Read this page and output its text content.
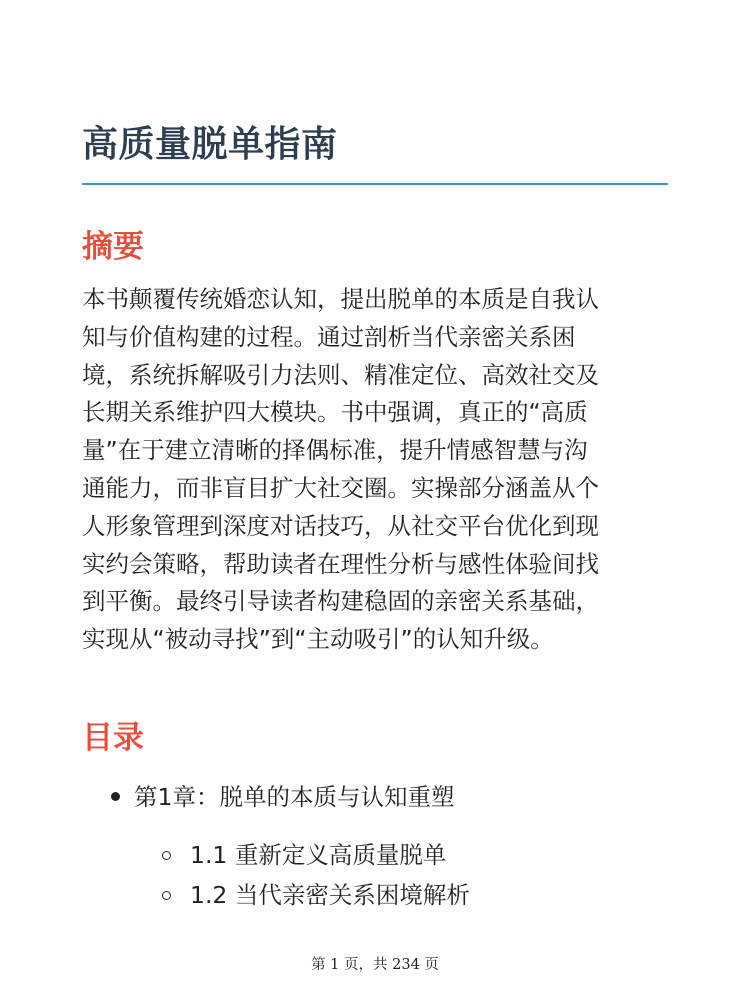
高质量脱单指南
摘要
本书颠覆传统婚恋认知，提出脱单的本质是自我认
知与价值构建的过程。通过剖析当代亲密关系困
境，系统拆解吸引力法则、精准定位、高效社交及
长期关系维护四大模块。书中强调，真正的“高质
量”在于建立清晰的择偶标准，提升情感智慧与沟
通能力，而非盲目扩大社交圈。实操部分涵盖从个
人形象管理到深度对话技巧，从社交平台优化到现
实约会策略，帮助读者在理性分析与感性体验间找
到平衡。最终引导读者构建稳固的亲密关系基础，
实现从“被动寻找”到“主动吸引”的认知升级。
目录
第1章：脱单的本质与认知重塑
1.1 重新定义高质量脱单
1.2 当代亲密关系困境解析
第 1 页，共 234 页
